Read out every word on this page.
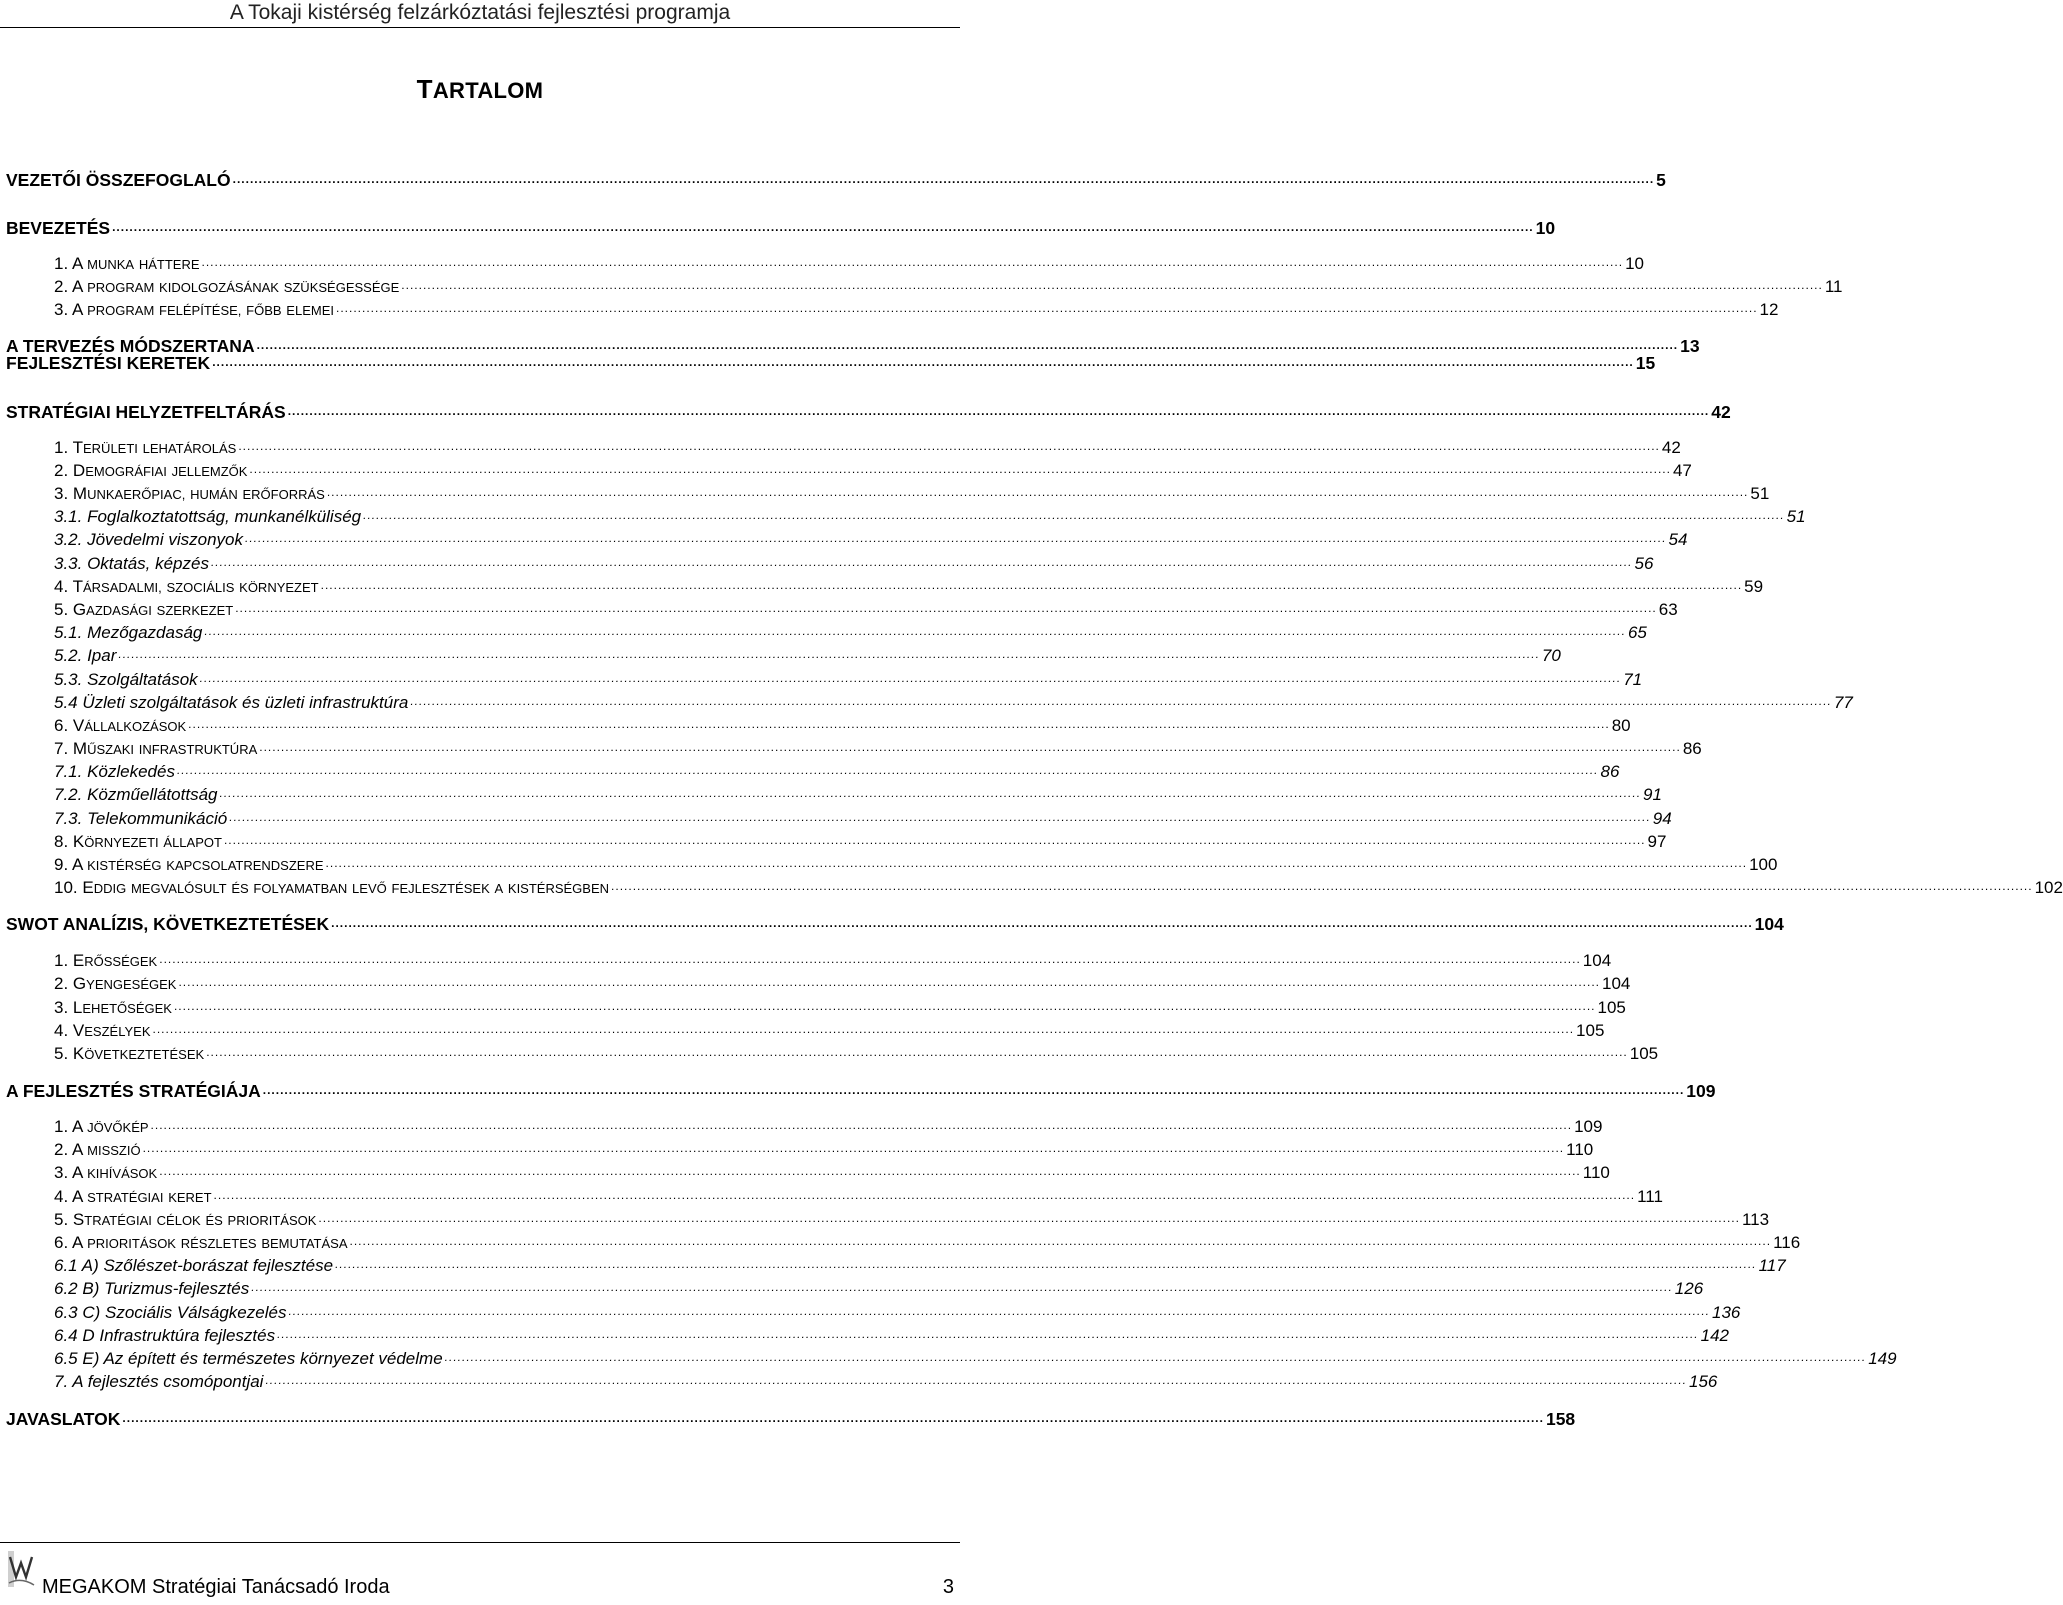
A Tokaji kistérség felzárkóztatási fejlesztési programja
TARTALOM
VEZETŐI ÖSSZEFOGLALÓ .....	5
BEVEZETÉS .....	10
1. A MUNKA HÁTTERE .....	10
2. A PROGRAM KIDOLGOZÁSÁNAK SZÜKSÉGESSÉGE .....	11
3. A PROGRAM FELÉPÍTÉSE, FŐBB ELEMEI .....	12
A TERVEZÉS MÓDSZERTANA .....	13
FEJLESZTÉSI KERETEK .....	15
STRATÉGIAI HELYZETFELTÁRÁS .....	42
1. TERÜLETI LEHATÁROLÁS .....	42
2. DEMOGRÁFIAI JELLEMZŐK .....	47
3. MUNKAERŐPIAC, HUMÁN ERŐFORRÁS .....	51
3.1. Foglalkoztatottság, munkanélküliség .....	51
3.2. Jövedelmi viszonyok .....	54
3.3. Oktatás, képzés .....	56
4. TÁRSADALMI, SZOCIÁLIS KÖRNYEZET .....	59
5. GAZDASÁGI SZERKEZET .....	63
5.1. Mezőgazdaság .....	65
5.2. Ipar .....	70
5.3. Szolgáltatások .....	71
5.4 Üzleti szolgáltatások és üzleti infrastruktúra .....	77
6. VÁLLALKOZÁSOK .....	80
7. MŰSZAKI INFRASTRUKTÚRA .....	86
7.1. Közlekedés .....	86
7.2. Közműellátottság .....	91
7.3. Telekommunikáció .....	94
8. KÖRNYEZETI ÁLLAPOT .....	97
9. A KISTÉRSÉG KAPCSOLATRENDSZERE .....	100
10. EDDIG MEGVALÓSULT ÉS FOLYAMATBAN LEVŐ FEJLESZTÉSEK A KISTÉRSÉGBEN .....	102
SWOT ANALÍZIS, KÖVETKEZTETÉSEK .....	104
1. ERŐSSÉGEK .....	104
2. GYENGESÉGEK .....	104
3. LEHETŐSÉGEK .....	105
4. VESZÉLYEK .....	105
5. KÖVETKEZTETÉSEK .....	105
A FEJLESZTÉS STRATÉGIÁJA .....	109
1. A JÖVŐKÉP .....	109
2. A MISSZIÓ .....	110
3. A KIHÍVÁSOK .....	110
4. A STRATÉGIAI KERET .....	111
5. STRATÉGIAI CÉLOK ÉS PRIORITÁSOK .....	113
6. A PRIORITÁSOK RÉSZLETES BEMUTATÁSA .....	116
6.1 A) Szőlészet-borászat fejlesztése .....	117
6.2 B) Turizmus-fejlesztés .....	126
6.3 C) Szociális Válságkezelés .....	136
6.4 D Infrastruktúra fejlesztés .....	142
6.5 E) Az épített és természetes környezet védelme .....	149
7. A fejlesztés csomópontjai .....	156
JAVASLATOK .....	158
MEGAKOM Stratégiai Tanácsadó Iroda	3
